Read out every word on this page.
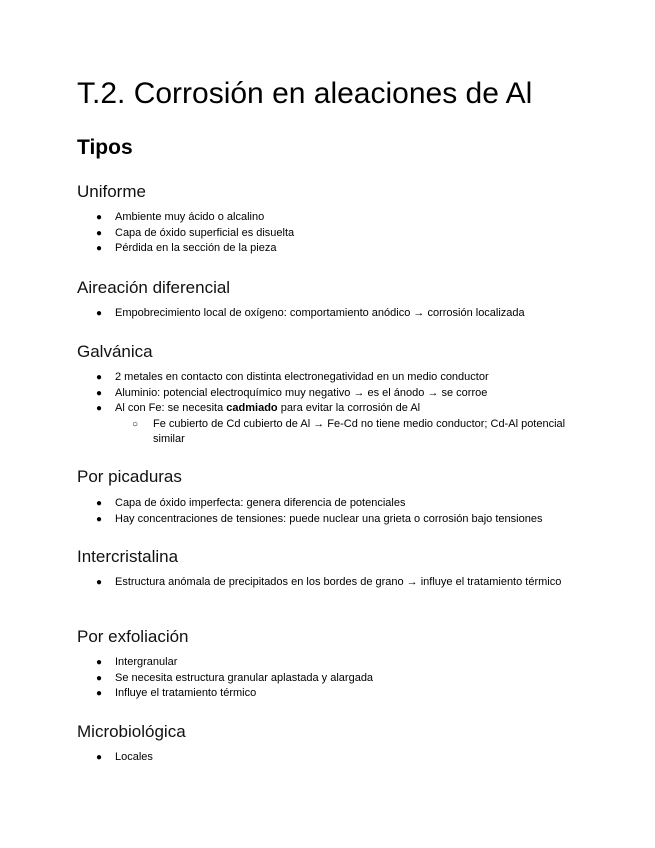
T.2. Corrosión en aleaciones de Al
Tipos
Uniforme
● Ambiente muy ácido o alcalino
● Capa de óxido superficial es disuelta
● Pérdida en la sección de la pieza
Aireación diferencial
● Empobrecimiento local de oxígeno: comportamiento anódico → corrosión localizada
Galvánica
● 2 metales en contacto con distinta electronegatividad en un medio conductor
● Aluminio: potencial electroquímico muy negativo → es el ánodo → se corroe
● Al con Fe: se necesita cadmiado para evitar la corrosión de Al
○ Fe cubierto de Cd cubierto de Al → Fe-Cd no tiene medio conductor; Cd-Al potencial similar
Por picaduras
● Capa de óxido imperfecta: genera diferencia de potenciales
● Hay concentraciones de tensiones: puede nuclear una grieta o corrosión bajo tensiones
Intercristalina
● Estructura anómala de precipitados en los bordes de grano → influye el tratamiento térmico
Por exfoliación
● Intergranular
● Se necesita estructura granular aplastada y alargada
● Influye el tratamiento térmico
Microbiológica
● Locales
